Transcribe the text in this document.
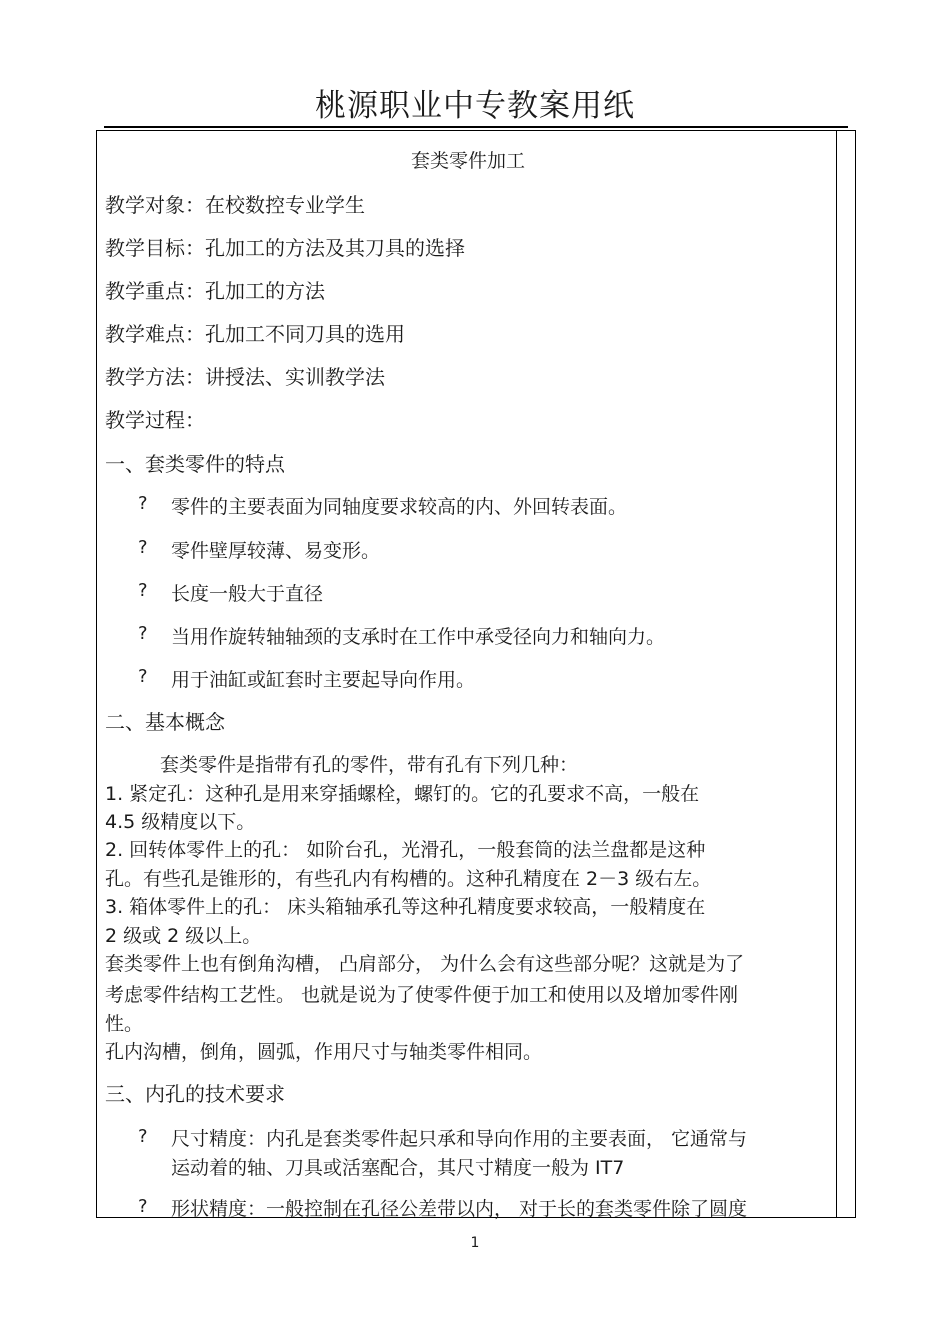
桃源职业中专教案用纸
套类零件加工
教学对象：在校数控专业学生
教学目标：孔加工的方法及其刀具的选择
教学重点：孔加工的方法
教学难点：孔加工不同刀具的选用
教学方法：讲授法、实训教学法
教学过程：
一、套类零件的特点
? 零件的主要表面为同轴度要求较高的内、外回转表面。
? 零件壁厚较薄、易变形。
? 长度一般大于直径
? 当用作旋转轴轴颈的支承时在工作中承受径向力和轴向力。
? 用于油缸或缸套时主要起导向作用。
二、基本概念
套类零件是指带有孔的零件，带有孔有下列几种：
1. 紧定孔：这种孔是用来穿插螺栓，螺钉的。它的孔要求不高，一般在
4.5 级精度以下。
2. 回转体零件上的孔： 如阶台孔，光滑孔，一般套筒的法兰盘都是这种
孔。有些孔是锥形的，有些孔内有构槽的。这种孔精度在 2－3 级右左。
3. 箱体零件上的孔： 床头箱轴承孔等这种孔精度要求较高，一般精度在
2 级或 2 级以上。
套类零件上也有倒角沟槽， 凸肩部分， 为什么会有这些部分呢？这就是为了
考虑零件结构工艺性。 也就是说为了使零件便于加工和使用以及增加零件刚
性。
孔内沟槽，倒角，圆弧，作用尺寸与轴类零件相同。
三、内孔的技术要求
? 尺寸精度：内孔是套类零件起只承和导向作用的主要表面， 它通常与
运动着的轴、刀具或活塞配合，其尺寸精度一般为 IT7
? 形状精度：一般控制在孔径公差带以内， 对于长的套类零件除了圆度
1
